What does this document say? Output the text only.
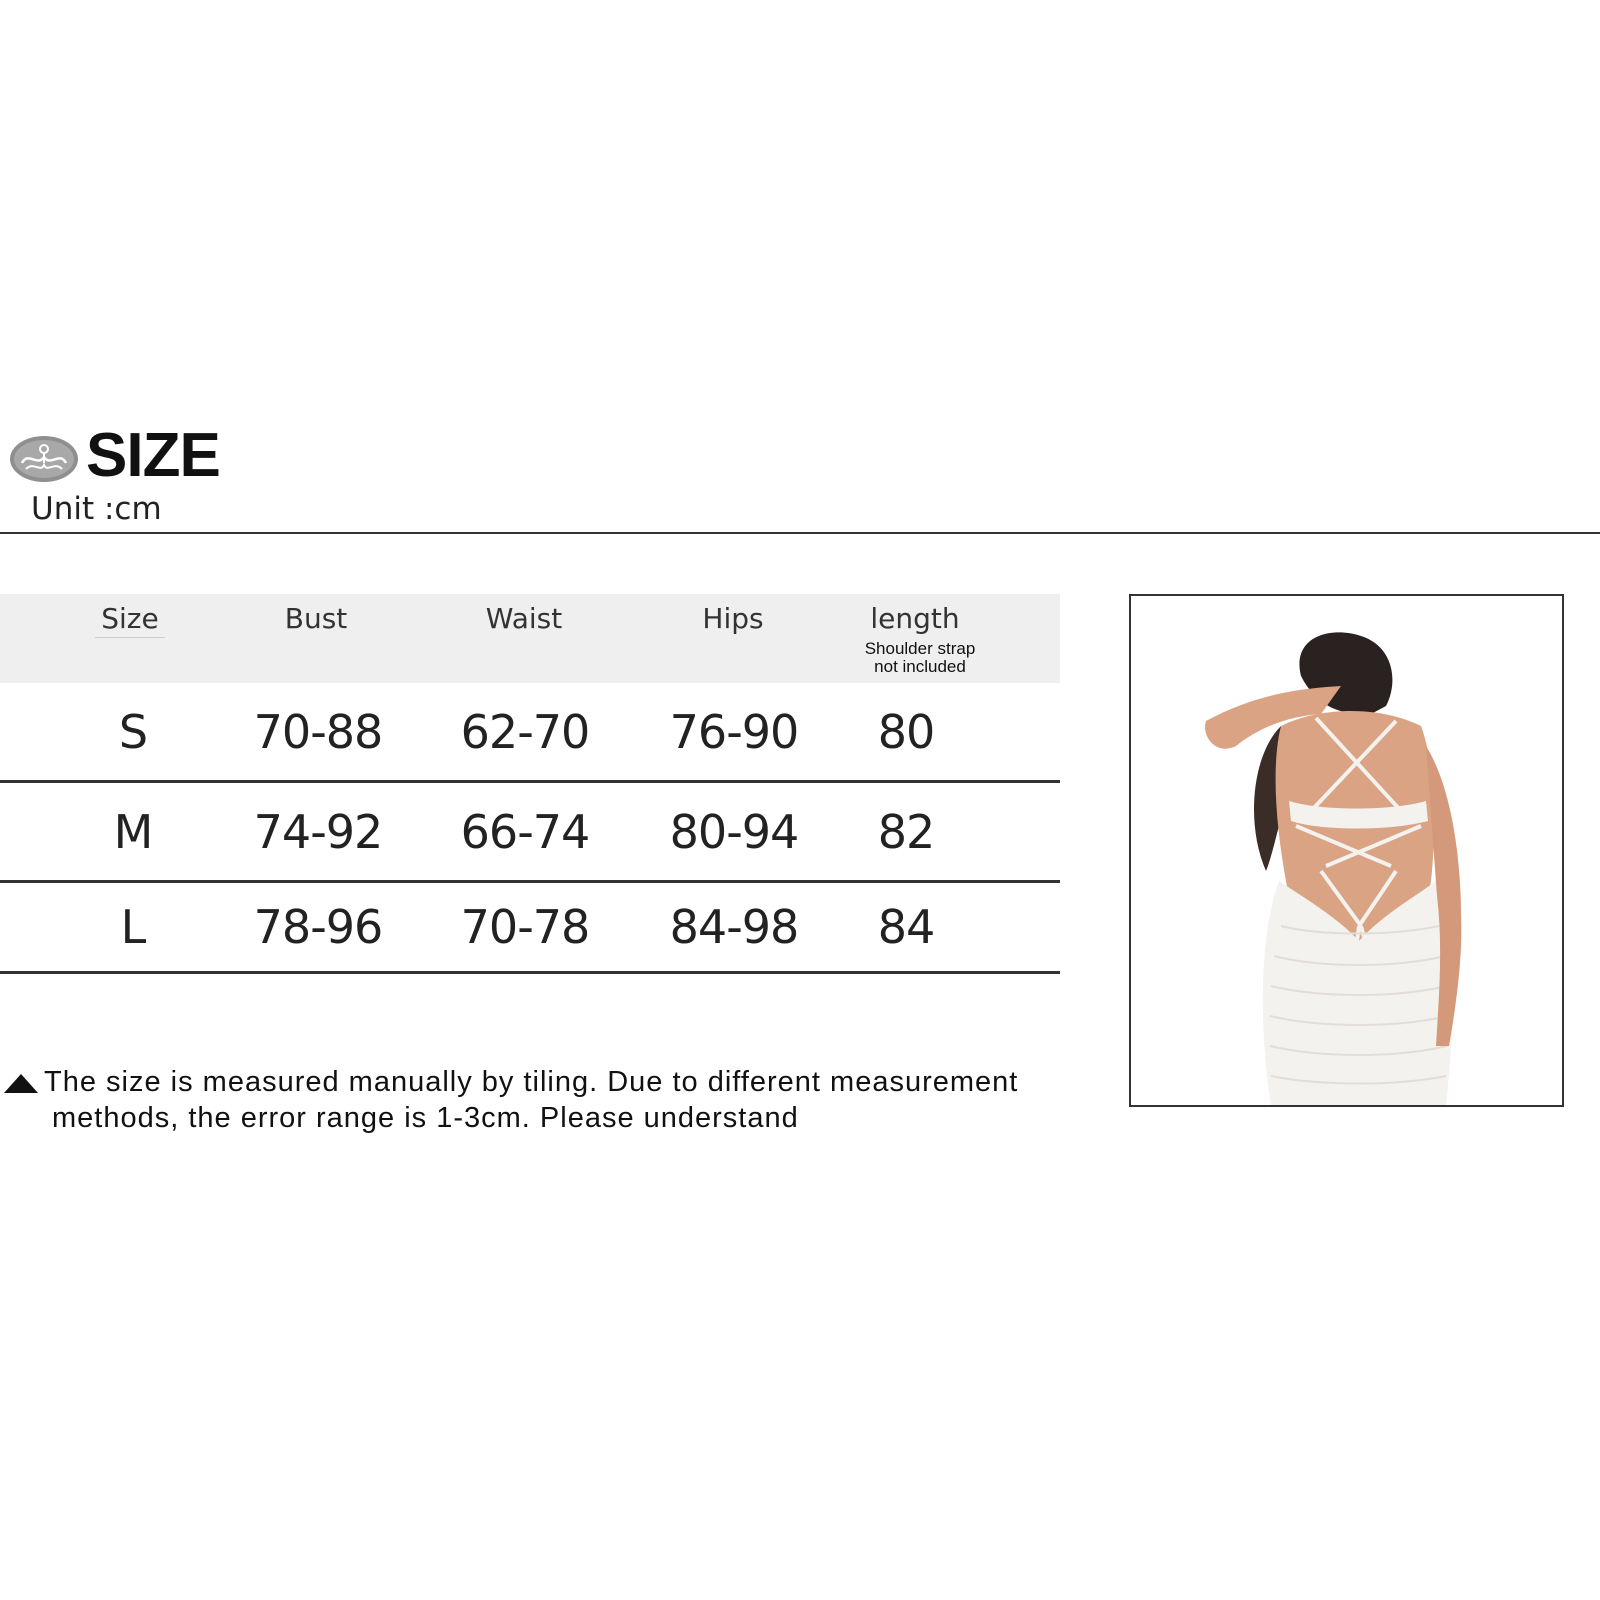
SIZE
Unit :cm
Size	Bust	Waist	Hips	length
Shoulder strap
not included
S	70-88	62-70	76-90	80
M	74-92	66-74	80-94	82
L	78-96	70-78	84-98	84
The size is measured manually by tiling. Due to different measurement
methods, the error range is 1-3cm. Please understand
